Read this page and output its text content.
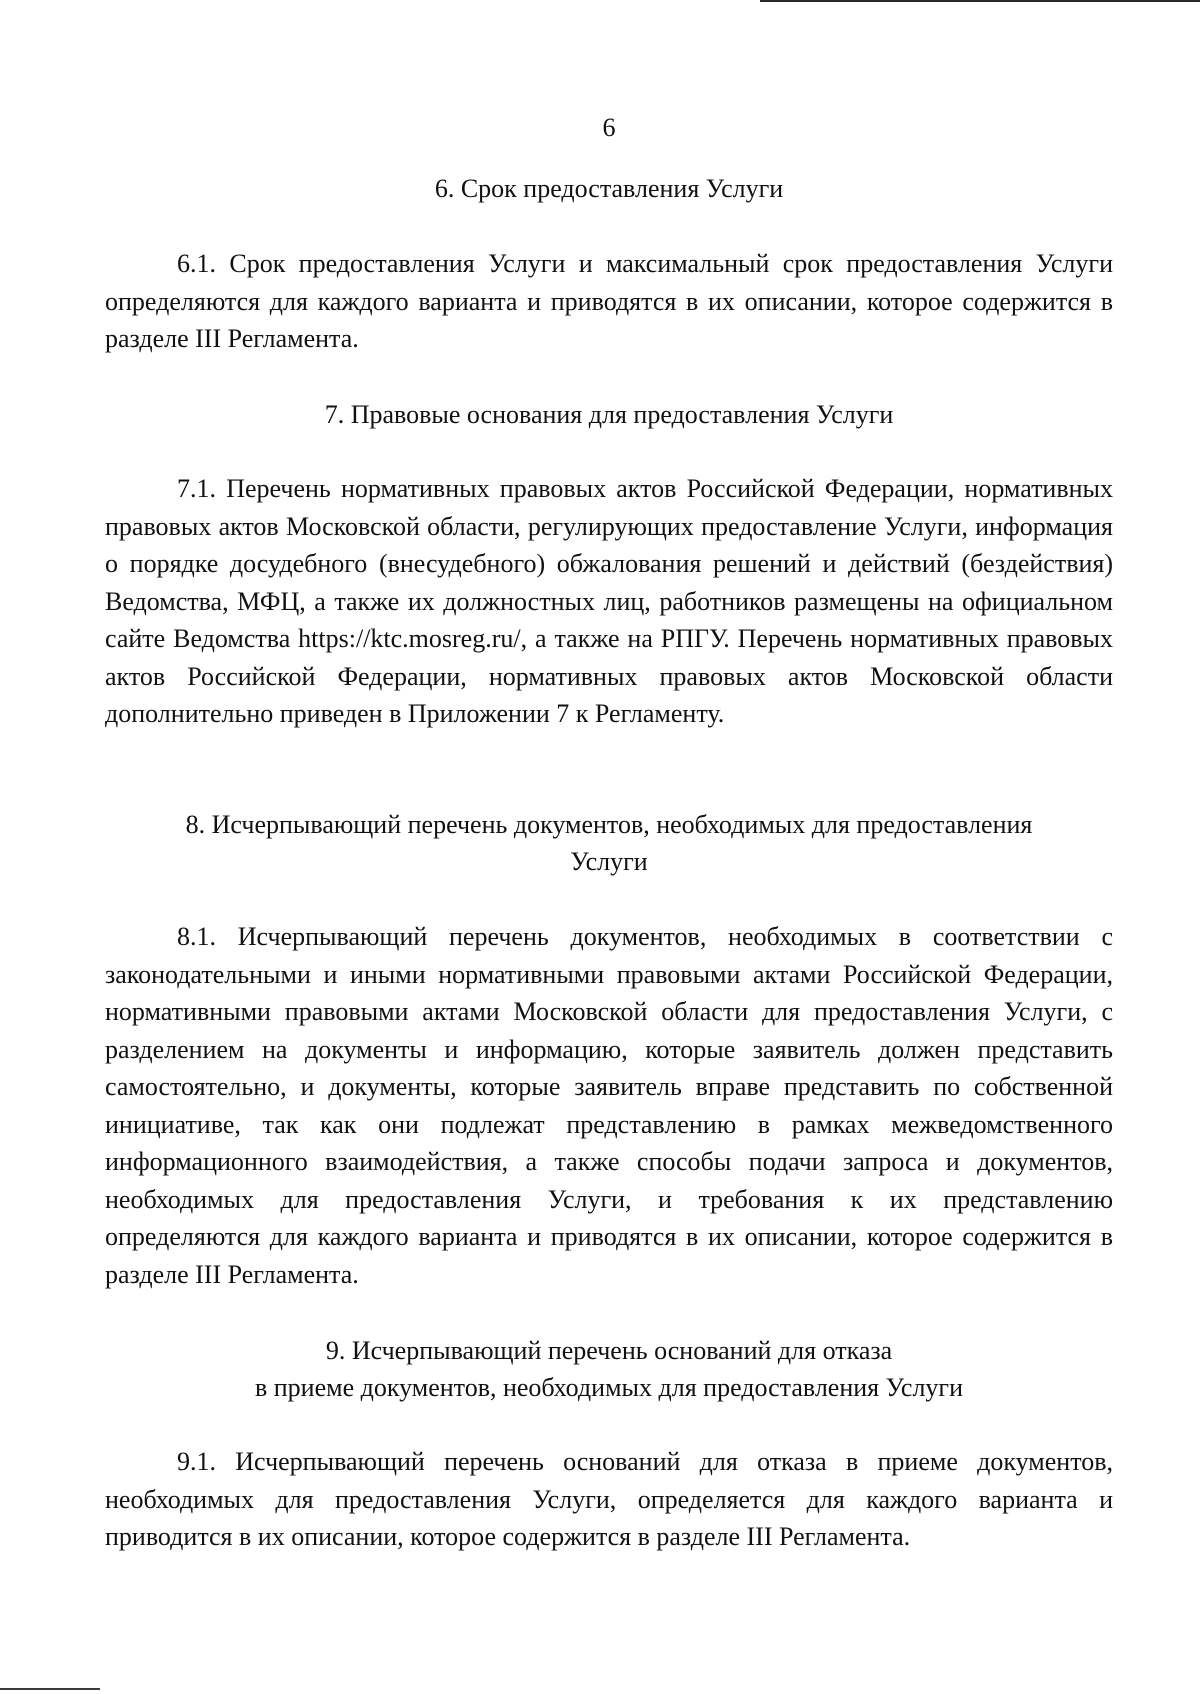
6
6. Срок предоставления Услуги

6.1. Срок предоставления Услуги и максимальный срок предоставления Услуги определяются для каждого варианта и приводятся в их описании, которое содержится в разделе III Регламента.

7. Правовые основания для предоставления Услуги

7.1. Перечень нормативных правовых актов Российской Федерации, нормативных правовых актов Московской области, регулирующих предоставление Услуги, информация о порядке досудебного (внесудебного) обжалования решений и действий (бездействия) Ведомства, МФЦ, а также их должностных лиц, работников размещены на официальном сайте Ведомства https://ktc.mosreg.ru/, а также на РПГУ. Перечень нормативных правовых актов Российской Федерации, нормативных правовых актов Московской области дополнительно приведен в Приложении 7 к Регламенту.

8. Исчерпывающий перечень документов, необходимых для предоставления
Услуги

8.1. Исчерпывающий перечень документов, необходимых в соответствии с законодательными и иными нормативными правовыми актами Российской Федерации, нормативными правовыми актами Московской области для предоставления Услуги, с разделением на документы и информацию, которые заявитель должен представить самостоятельно, и документы, которые заявитель вправе представить по собственной инициативе, так как они подлежат представлению в рамках межведомственного информационного взаимодействия, а также способы подачи запроса и документов, необходимых для предоставления Услуги, и требования к их представлению определяются для каждого варианта и приводятся в их описании, которое содержится в разделе III Регламента.

9. Исчерпывающий перечень оснований для отказа
в приеме документов, необходимых для предоставления Услуги

9.1. Исчерпывающий перечень оснований для отказа в приеме документов, необходимых для предоставления Услуги, определяется для каждого варианта и приводится в их описании, которое содержится в разделе III Регламента.
